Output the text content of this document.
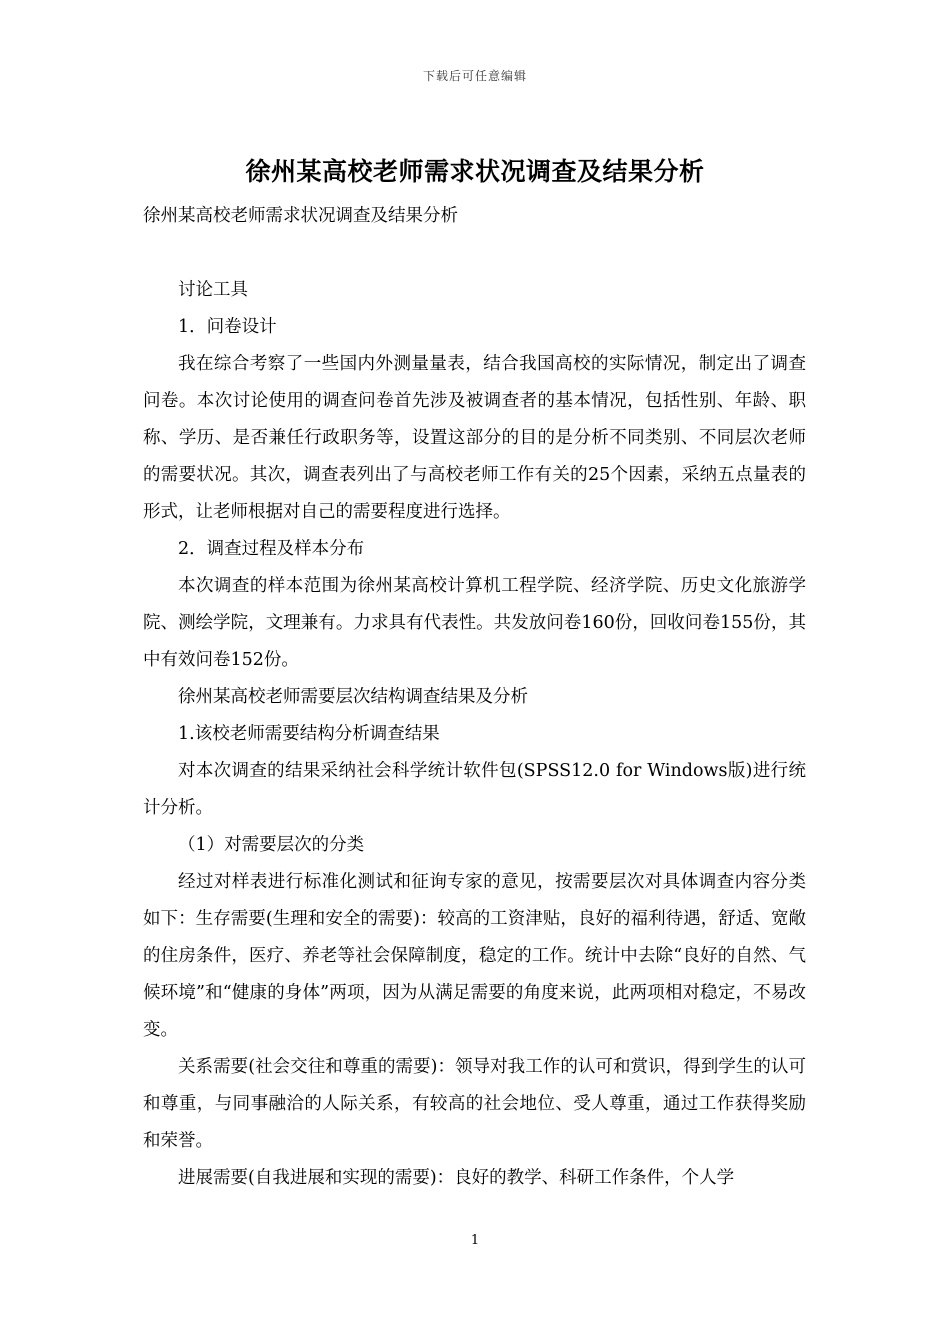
下载后可任意编辑
徐州某高校老师需求状况调查及结果分析

徐州某高校老师需求状况调查及结果分析

讨论工具

1．问卷设计

我在综合考察了一些国内外测量量表，结合我国高校的实际情况，制定出了调查问卷。本次讨论使用的调查问卷首先涉及被调查者的基本情况，包括性别、年龄、职称、学历、是否兼任行政职务等，设置这部分的目的是分析不同类别、不同层次老师的需要状况。其次，调查表列出了与高校老师工作有关的25个因素，采纳五点量表的形式，让老师根据对自己的需要程度进行选择。

2．调查过程及样本分布

本次调查的样本范围为徐州某高校计算机工程学院、经济学院、历史文化旅游学院、测绘学院，文理兼有。力求具有代表性。共发放问卷160份，回收问卷155份，其中有效问卷152份。

徐州某高校老师需要层次结构调查结果及分析

1.该校老师需要结构分析调查结果

对本次调查的结果采纳社会科学统计软件包(SPSS12.0 for Windows版)进行统计分析。

（1）对需要层次的分类

经过对样表进行标准化测试和征询专家的意见，按需要层次对具体调查内容分类如下：生存需要(生理和安全的需要)：较高的工资津贴，良好的福利待遇，舒适、宽敞的住房条件，医疗、养老等社会保障制度，稳定的工作。统计中去除“良好的自然、气候环境”和“健康的身体”两项，因为从满足需要的角度来说，此两项相对稳定，不易改变。

关系需要(社会交往和尊重的需要)：领导对我工作的认可和赏识，得到学生的认可和尊重，与同事融洽的人际关系，有较高的社会地位、受人尊重，通过工作获得奖励和荣誉。

进展需要(自我进展和实现的需要)：良好的教学、科研工作条件，个人学

1
